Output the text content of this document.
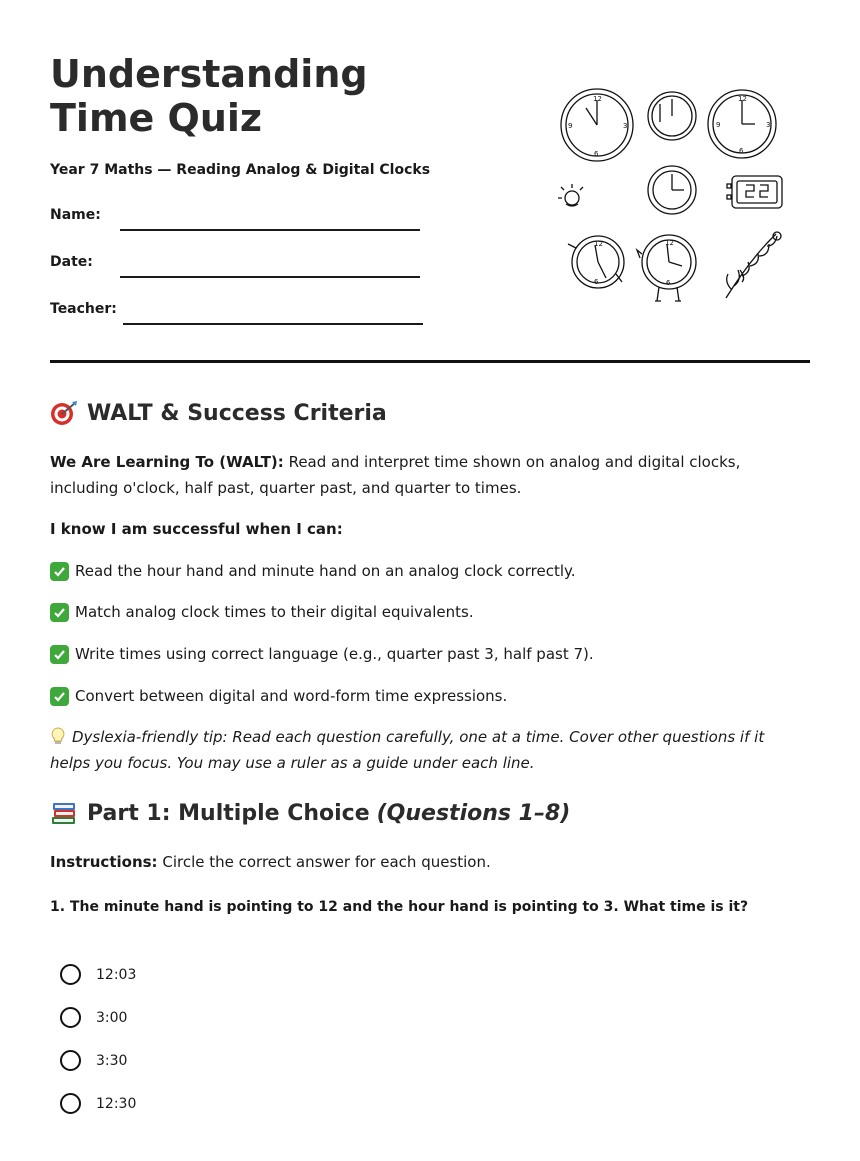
Understanding Time Quiz

Year 7 Maths — Reading Analog & Digital Clocks

Name:
Date:
Teacher:
12
3
6
9
12
3
6
9
12
6
12
6
WALT & Success Criteria

We Are Learning To (WALT): Read and interpret time shown on analog and digital clocks, including o'clock, half past, quarter past, and quarter to times.

I know I am successful when I can:

Read the hour hand and minute hand on an analog clock correctly.
Match analog clock times to their digital equivalents.
Write times using correct language (e.g., quarter past 3, half past 7).
Convert between digital and word-form time expressions.

Dyslexia-friendly tip: Read each question carefully, one at a time. Cover other questions if it helps you focus. You may use a ruler as a guide under each line.

Part 1: Multiple Choice (Questions 1–8)

Instructions: Circle the correct answer for each question.

1. The minute hand is pointing to 12 and the hour hand is pointing to 3. What time is it?

12:03
3:00
3:30
12:30
